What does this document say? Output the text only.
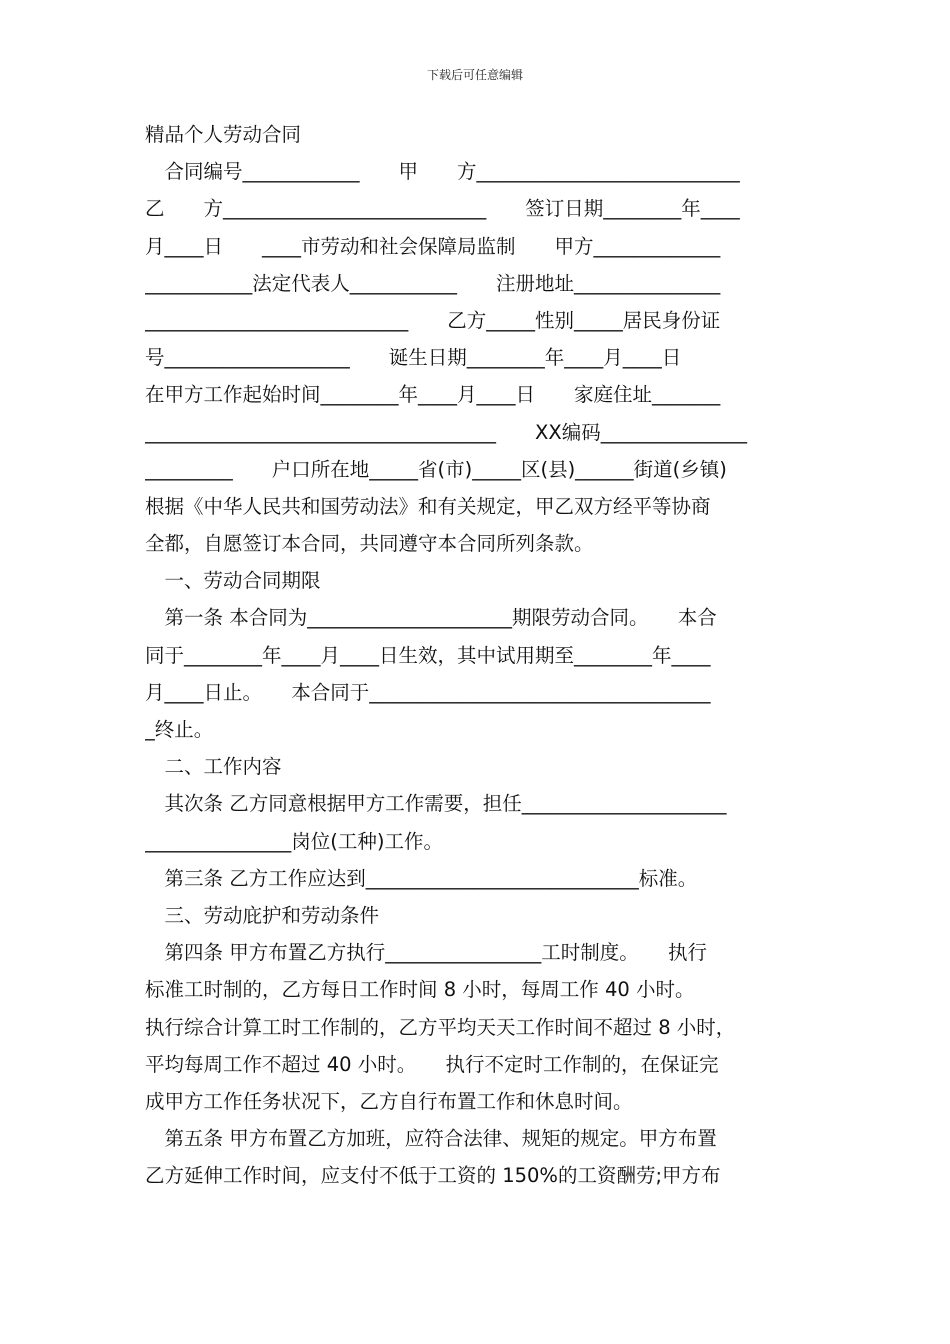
下载后可任意编辑
精品个人劳动合同
　合同编号____________　　甲　　方___________________________
乙　　方___________________________　　签订日期________年____
月____日　　____市劳动和社会保障局监制　　甲方_____________
___________法定代表人___________　　注册地址_______________
___________________________　　乙方_____性别_____居民身份证
号___________________　　诞生日期________年____月____日
在甲方工作起始时间________年____月____日　　家庭住址_______
____________________________________　　XX编码_______________
_________　　户口所在地_____省(市)_____区(县)______街道(乡镇)
根据《中华人民共和国劳动法》和有关规定，甲乙双方经平等协商
全都，自愿签订本合同，共同遵守本合同所列条款。
　一、劳动合同期限
　第一条 本合同为_____________________期限劳动合同。　　本合
同于________年____月____日生效，其中试用期至________年____
月____日止。　　本合同于___________________________________
_终止。
　二、工作内容
　其次条 乙方同意根据甲方工作需要，担任_____________________
_______________岗位(工种)工作。
　第三条 乙方工作应达到____________________________标准。
　三、劳动庇护和劳动条件
　第四条 甲方布置乙方执行________________工时制度。　　执行
标准工时制的，乙方每日工作时间 8 小时，每周工作 40 小时。
执行综合计算工时工作制的，乙方平均天天工作时间不超过 8 小时，
平均每周工作不超过 40 小时。　　执行不定时工作制的，在保证完
成甲方工作任务状况下，乙方自行布置工作和休息时间。
　第五条 甲方布置乙方加班，应符合法律、规矩的规定。甲方布置
乙方延伸工作时间，应支付不低于工资的 150%的工资酬劳;甲方布
